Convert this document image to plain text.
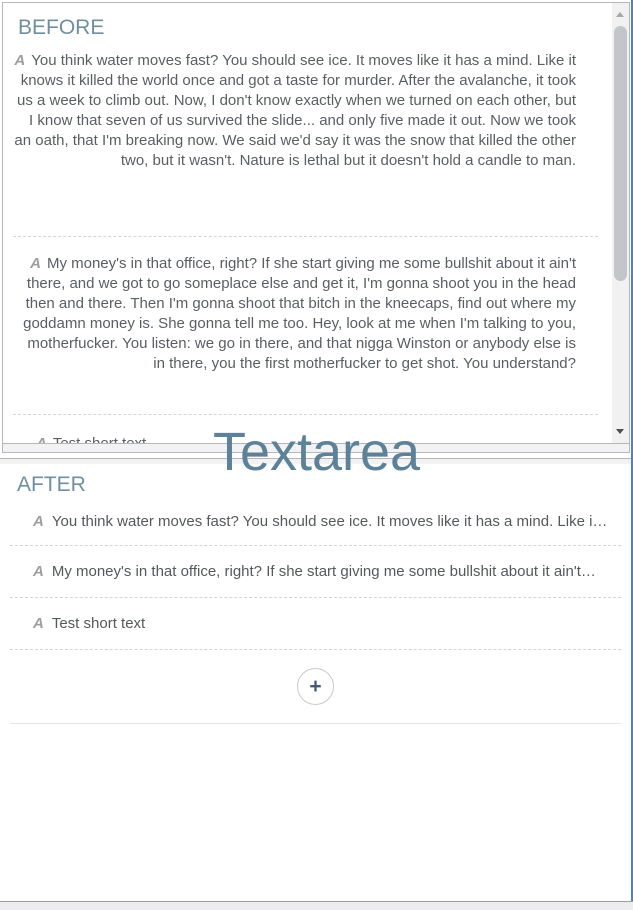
BEFORE
A You think water moves fast? You should see ice. It moves like it has a mind. Like it knows it killed the world once and got a taste for murder. After the avalanche, it took us a week to climb out. Now, I don't know exactly when we turned on each other, but I know that seven of us survived the slide... and only five made it out. Now we took an oath, that I'm breaking now. We said we'd say it was the snow that killed the other two, but it wasn't. Nature is lethal but it doesn't hold a candle to man.
A My money's in that office, right? If she start giving me some bullshit about it ain't there, and we got to go someplace else and get it, I'm gonna shoot you in the head then and there. Then I'm gonna shoot that bitch in the kneecaps, find out where my goddamn money is. She gonna tell me too. Hey, look at me when I'm talking to you, motherfucker. You listen: we go in there, and that nigga Winston or anybody else is in there, you the first motherfucker to get shot. You understand?
Textarea
AFTER
A You think water moves fast? You should see ice. It moves like it has a mind. Like i…
A My money's in that office, right? If she start giving me some bullshit about it ain't…
A Test short text
+
